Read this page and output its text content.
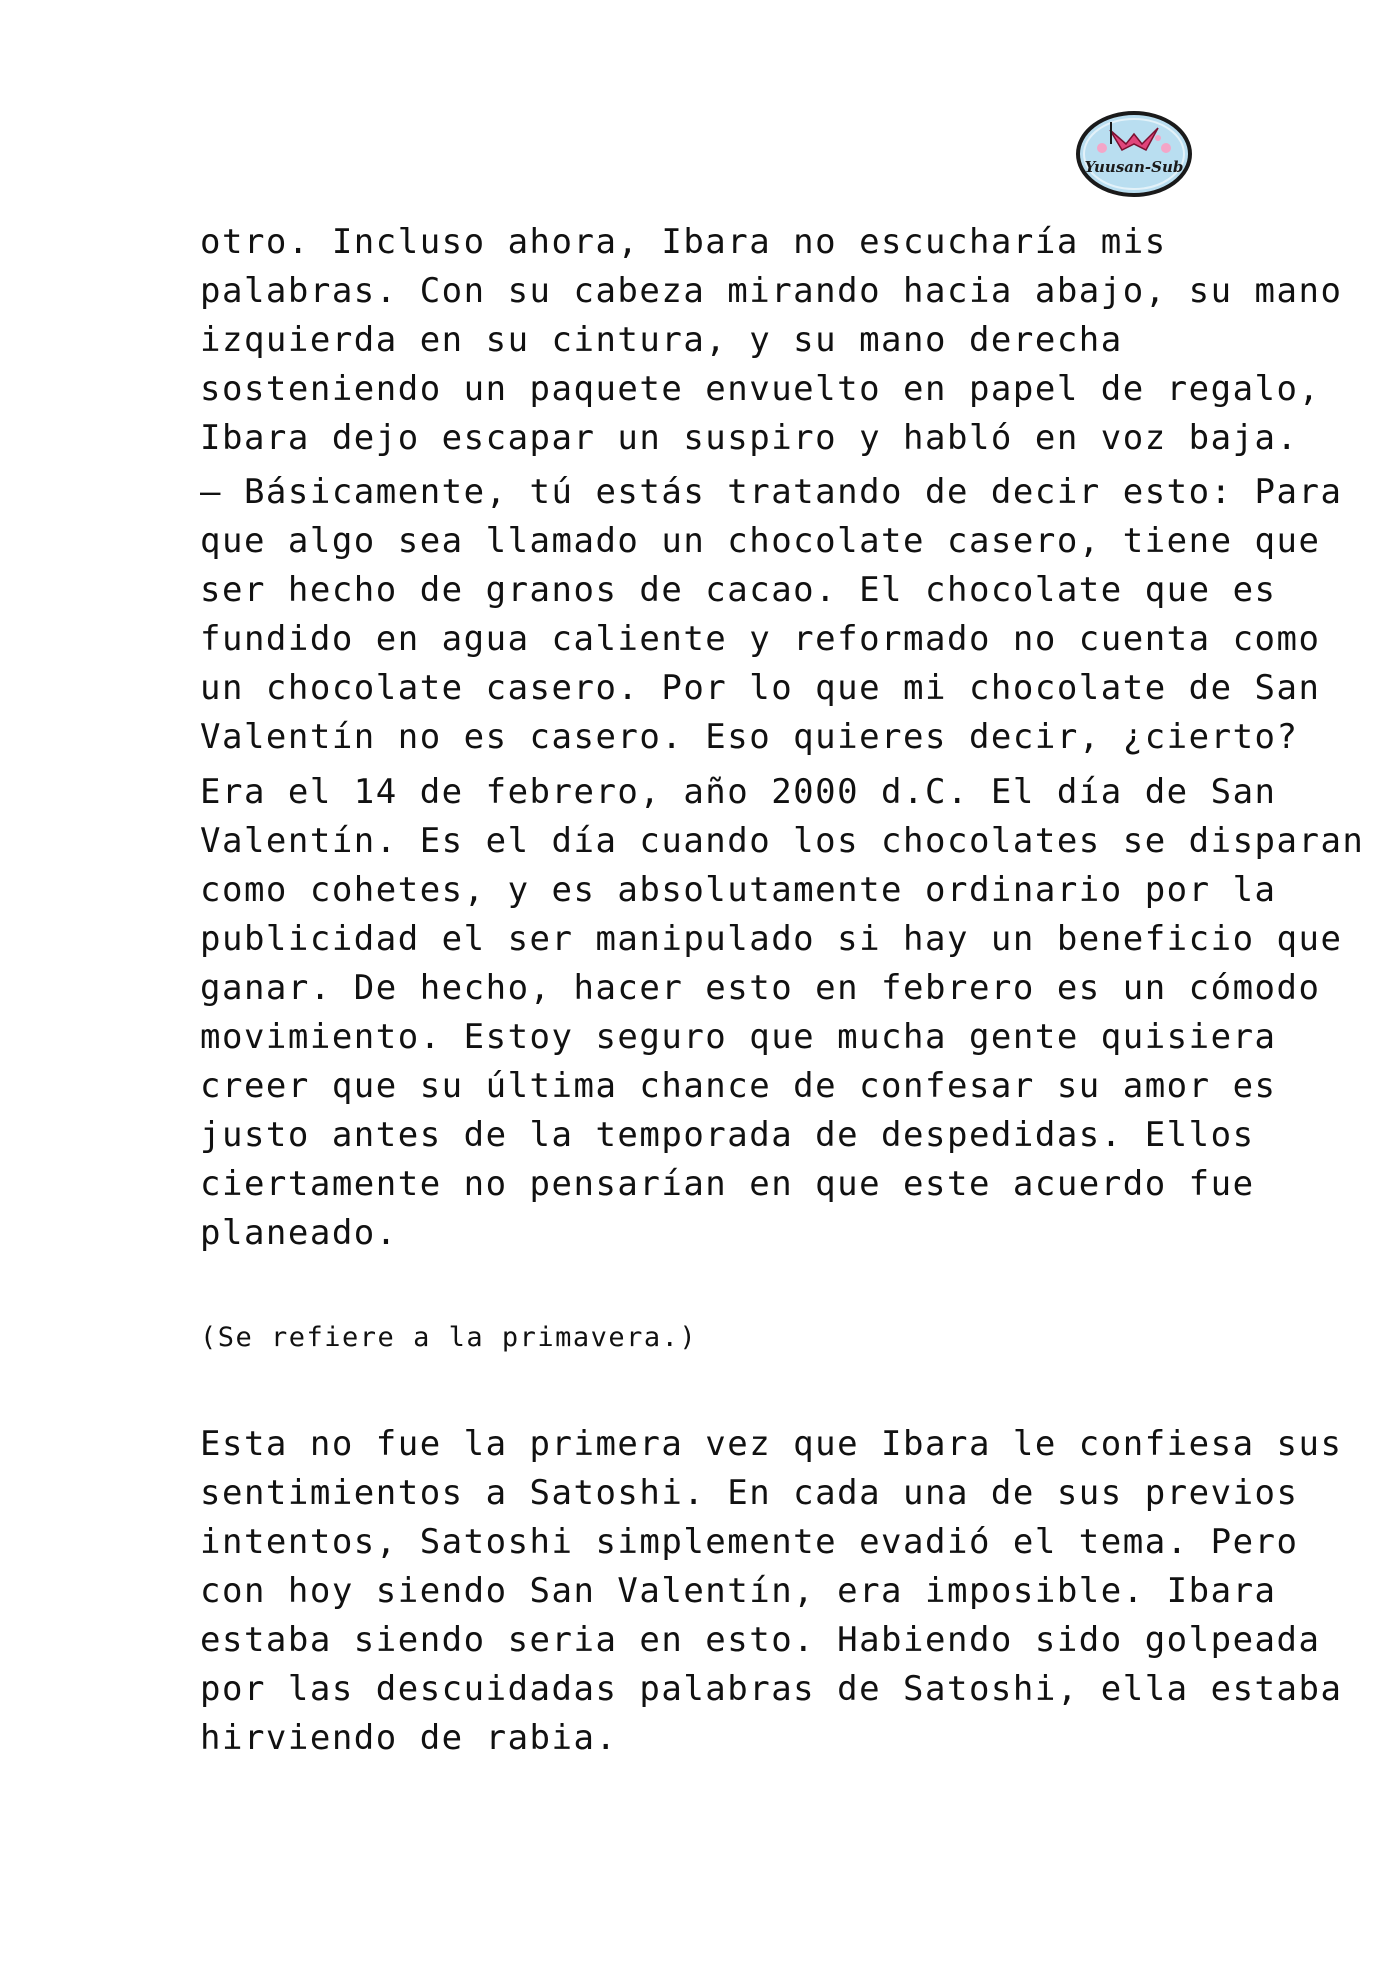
Yuusan-Sub
otro. Incluso ahora, Ibara no escucharía mis
palabras. Con su cabeza mirando hacia abajo, su mano
izquierda en su cintura, y su mano derecha
sosteniendo un paquete envuelto en papel de regalo,
Ibara dejo escapar un suspiro y habló en voz baja.
– Básicamente, tú estás tratando de decir esto: Para
que algo sea llamado un chocolate casero, tiene que
ser hecho de granos de cacao. El chocolate que es
fundido en agua caliente y reformado no cuenta como
un chocolate casero. Por lo que mi chocolate de San
Valentín no es casero. Eso quieres decir, ¿cierto?
Era el 14 de febrero, año 2000 d.C. El día de San
Valentín. Es el día cuando los chocolates se disparan
como cohetes, y es absolutamente ordinario por la
publicidad el ser manipulado si hay un beneficio que
ganar. De hecho, hacer esto en febrero es un cómodo
movimiento. Estoy seguro que mucha gente quisiera
creer que su última chance de confesar su amor es
justo antes de la temporada de despedidas. Ellos
ciertamente no pensarían en que este acuerdo fue
planeado.
(Se refiere a la primavera.)
Esta no fue la primera vez que Ibara le confiesa sus
sentimientos a Satoshi. En cada una de sus previos
intentos, Satoshi simplemente evadió el tema. Pero
con hoy siendo San Valentín, era imposible. Ibara
estaba siendo seria en esto. Habiendo sido golpeada
por las descuidadas palabras de Satoshi, ella estaba
hirviendo de rabia.
